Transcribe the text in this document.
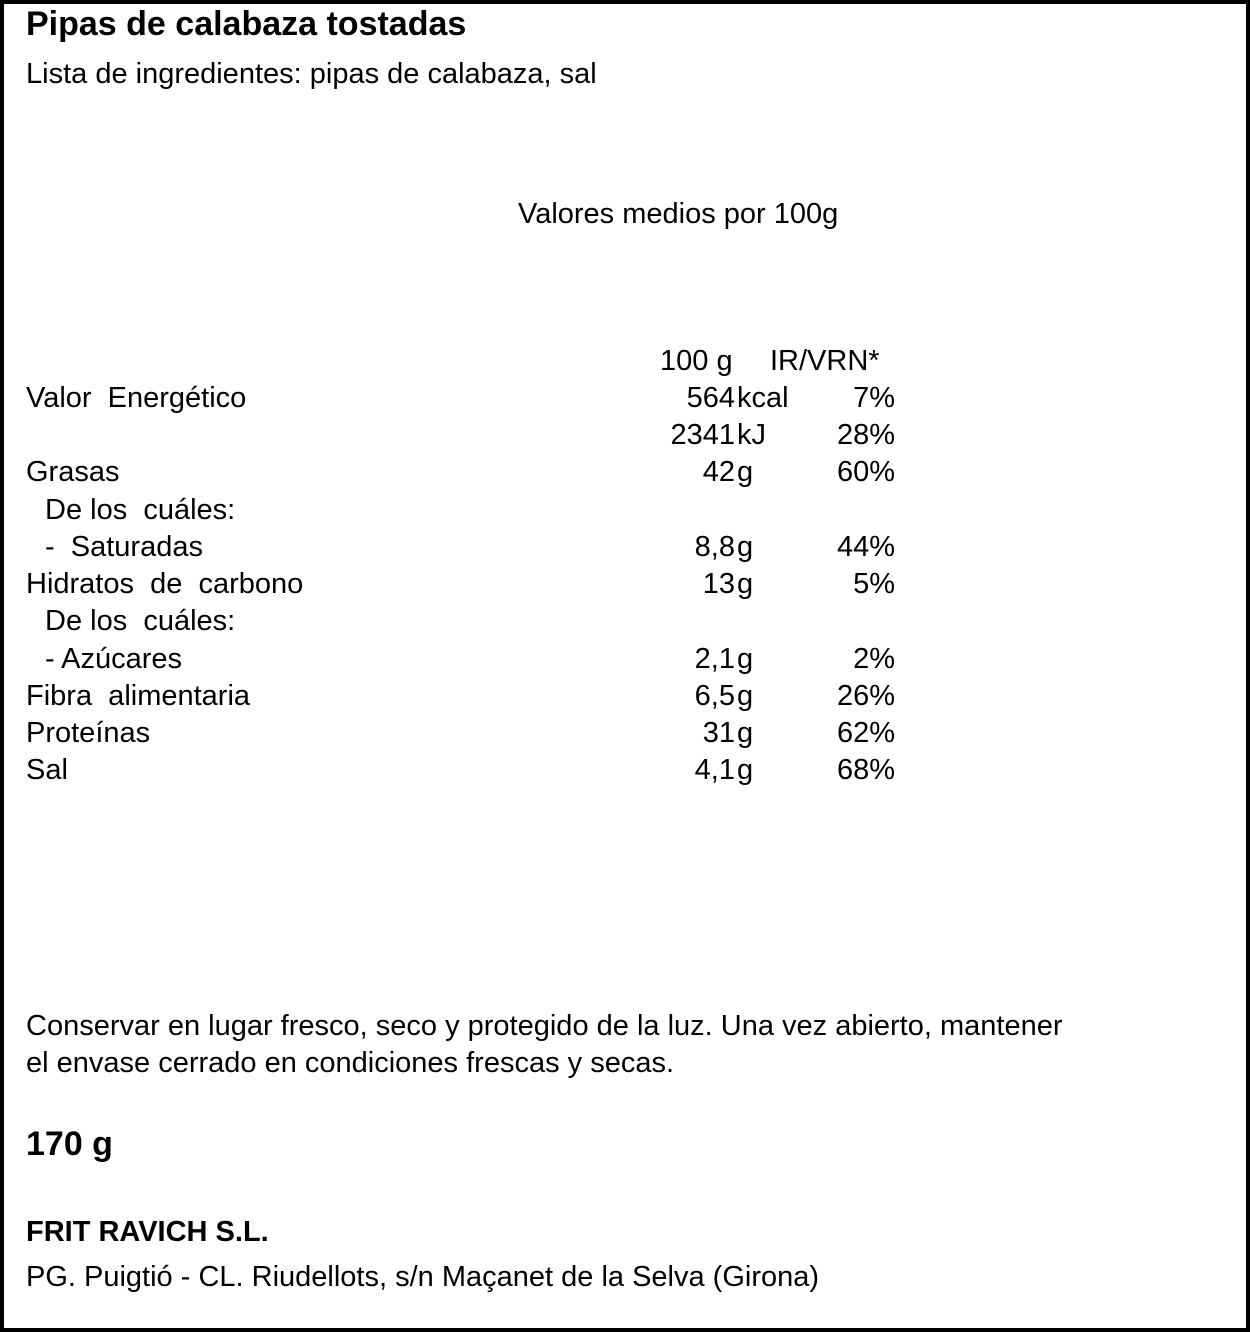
Pipas de calabaza tostadas
Lista de ingredientes: pipas de calabaza, sal
Valores medios por 100g
100 g IR/VRN*
Valor  Energético	564 kcal 7%
2341 kJ 28%
Grasas	42 g	60%
De los  cuáles:
-  Saturadas	8,8 g	44%
Hidratos  de  carbono	13 g	5%
De los  cuáles:
- Azúcares	2,1 g	2%
Fibra  alimentaria	6,5 g	26%
Proteínas	31 g	62%
Sal	4,1 g	68%
Conservar en lugar fresco, seco y protegido de la luz. Una vez abierto, mantener
el envase cerrado en condiciones frescas y secas.
170 g
FRIT RAVICH S.L.
PG. Puigtió - CL. Riudellots, s/n Maçanet de la Selva (Girona)
